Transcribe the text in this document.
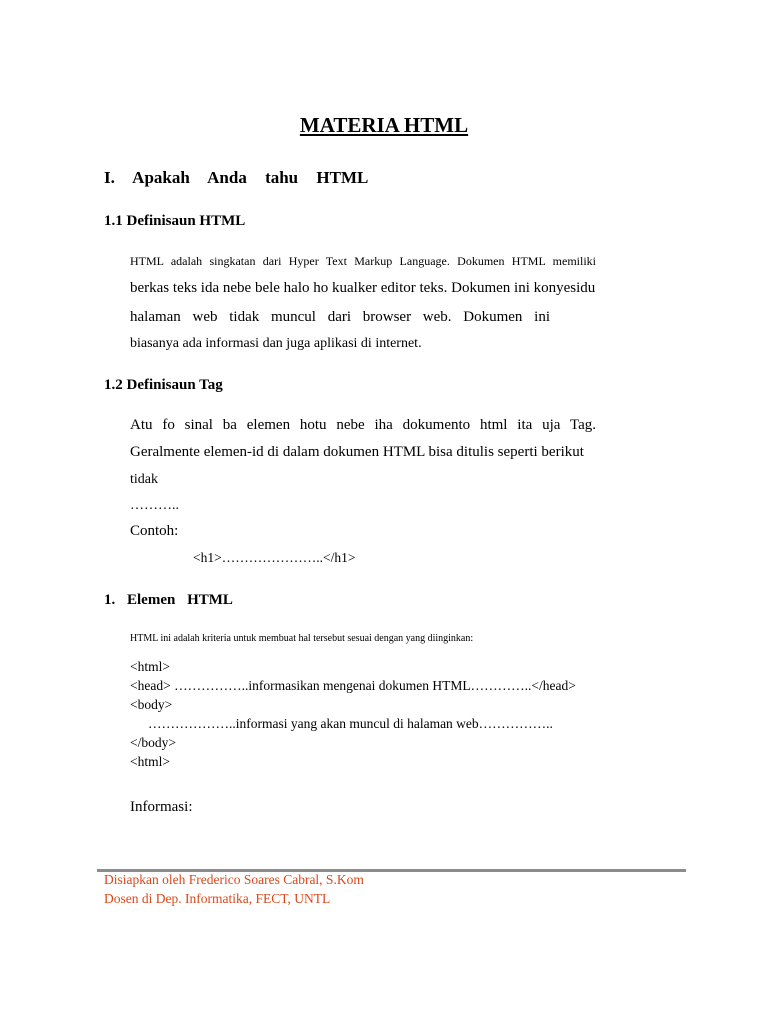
MATERIA HTML
I. Apakah Anda tahu HTML
1.1 Definisaun HTML
HTML adalah singkatan dari Hyper Text Markup Language. Dokumen HTML memiliki
berkas teks ida nebe bele halo ho kualker editor teks. Dokumen ini konyesidu
halaman web tidak muncul dari browser web. Dokumen ini
biasanya ada informasi dan juga aplikasi di internet.
1.2 Definisaun Tag
Atu fo sinal ba elemen hotu nebe iha dokumento html ita uja Tag.
Geralmente elemen-id di dalam dokumen HTML bisa ditulis seperti berikut
tidak
………..
Contoh:
<h1>…………………..</h1>
1. Elemen HTML
HTML ini adalah kriteria untuk membuat hal tersebut sesuai dengan yang diinginkan:
<html>
<head> ……………..informasikan mengenai dokumen HTML…………..</head>
<body>
………………..informasi yang akan muncul di halaman web……………..
</body>
<html>
Informasi:
Disiapkan oleh Frederico Soares Cabral, S.Kom
Dosen di Dep. Informatika, FECT, UNTL
